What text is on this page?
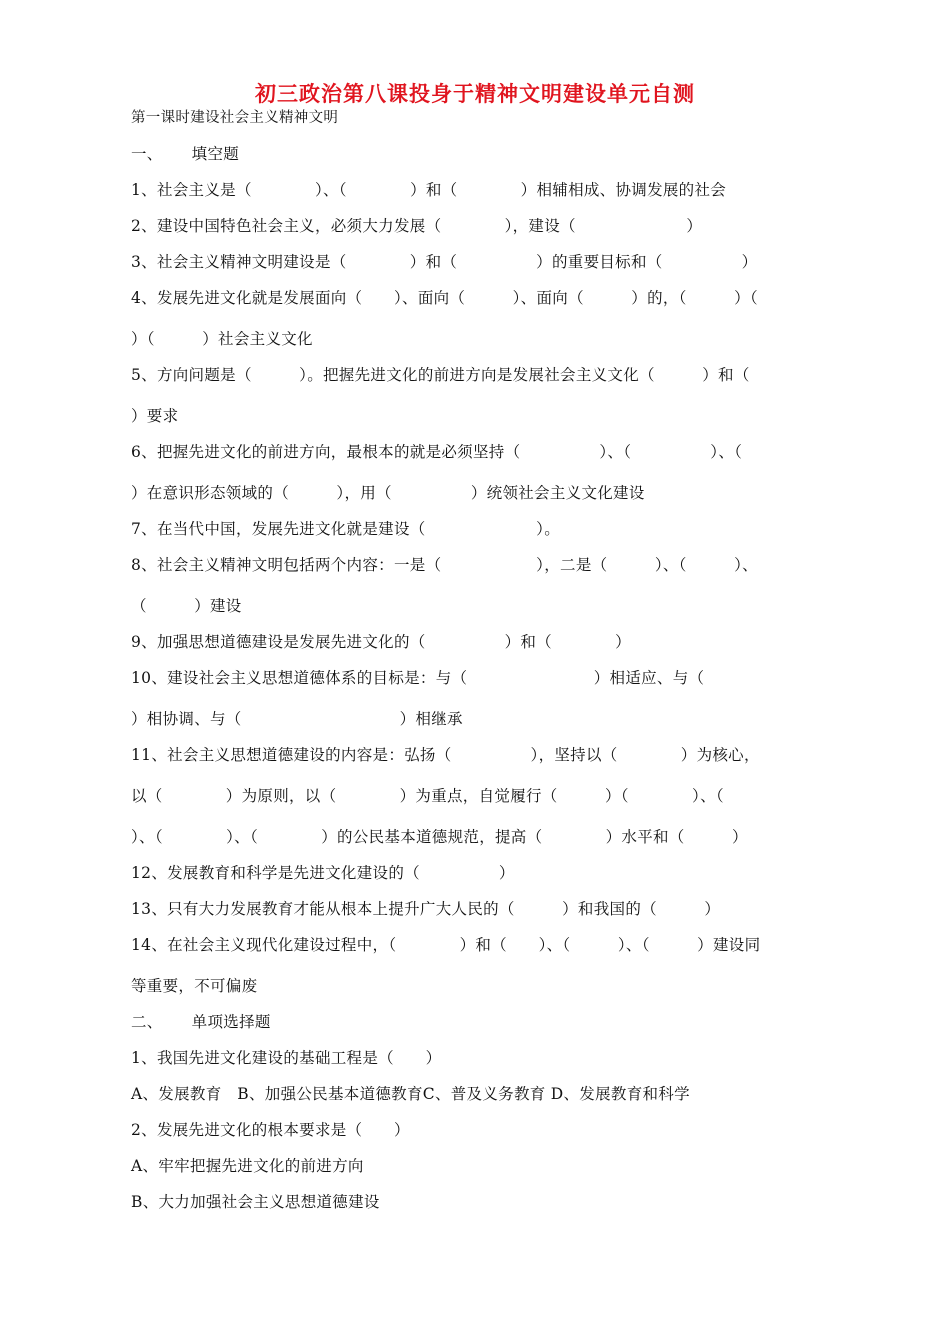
初三政治第八课投身于精神文明建设单元自测
第一课时建设社会主义精神文明
一、　　 填空题
1、社会主义是（　　　　）、（　　　　）和（　　　　）相辅相成、协调发展的社会
2、建设中国特色社会主义，必须大力发展（　　　　），建设（　　　　　　　）
3、社会主义精神文明建设是（　　　　）和（　　　　　）的重要目标和（　　　　　）
4、发展先进文化就是发展面向（　　）、面向（　　　）、面向（　　　）的，（　　　）（
）（　　　）社会主义文化
5、方向问题是（　　　）。把握先进文化的前进方向是发展社会主义文化（　　　）和（
）要求
6、把握先进文化的前进方向，最根本的就是必须坚持（　　　　　）、（　　　　　）、（
）在意识形态领域的（　　　），用（　　　　　）统领社会主义文化建设
7、在当代中国，发展先进文化就是建设（　　　　　　　）。
8、社会主义精神文明包括两个内容：一是（　　　　　　），二是（　　　）、（　　　）、
（　　　）建设
9、加强思想道德建设是发展先进文化的（　　　　　）和（　　　　）
10、建设社会主义思想道德体系的目标是：与（　　　　　　　　）相适应、与（
）相协调、与（　　　　　　　　　　）相继承
11、社会主义思想道德建设的内容是：弘扬（　　　　　），坚持以（　　　　）为核心，
以（　　　　）为原则，以（　　　　）为重点，自觉履行（　　　）（　　　　）、（
）、（　　　　）、（　　　　）的公民基本道德规范，提高（　　　　）水平和（　　　）
12、发展教育和科学是先进文化建设的（　　　　　）
13、只有大力发展教育才能从根本上提升广大人民的（　　　）和我国的（　　　）
14、在社会主义现代化建设过程中，（　　　　）和（　　）、（　　　）、（　　　）建设同
等重要，不可偏废
二、　　 单项选择题
1、我国先进文化建设的基础工程是（　　）
A、发展教育　B、加强公民基本道德教育C、普及义务教育 D、发展教育和科学
2、发展先进文化的根本要求是（　　）
A、牢牢把握先进文化的前进方向
B、大力加强社会主义思想道德建设
